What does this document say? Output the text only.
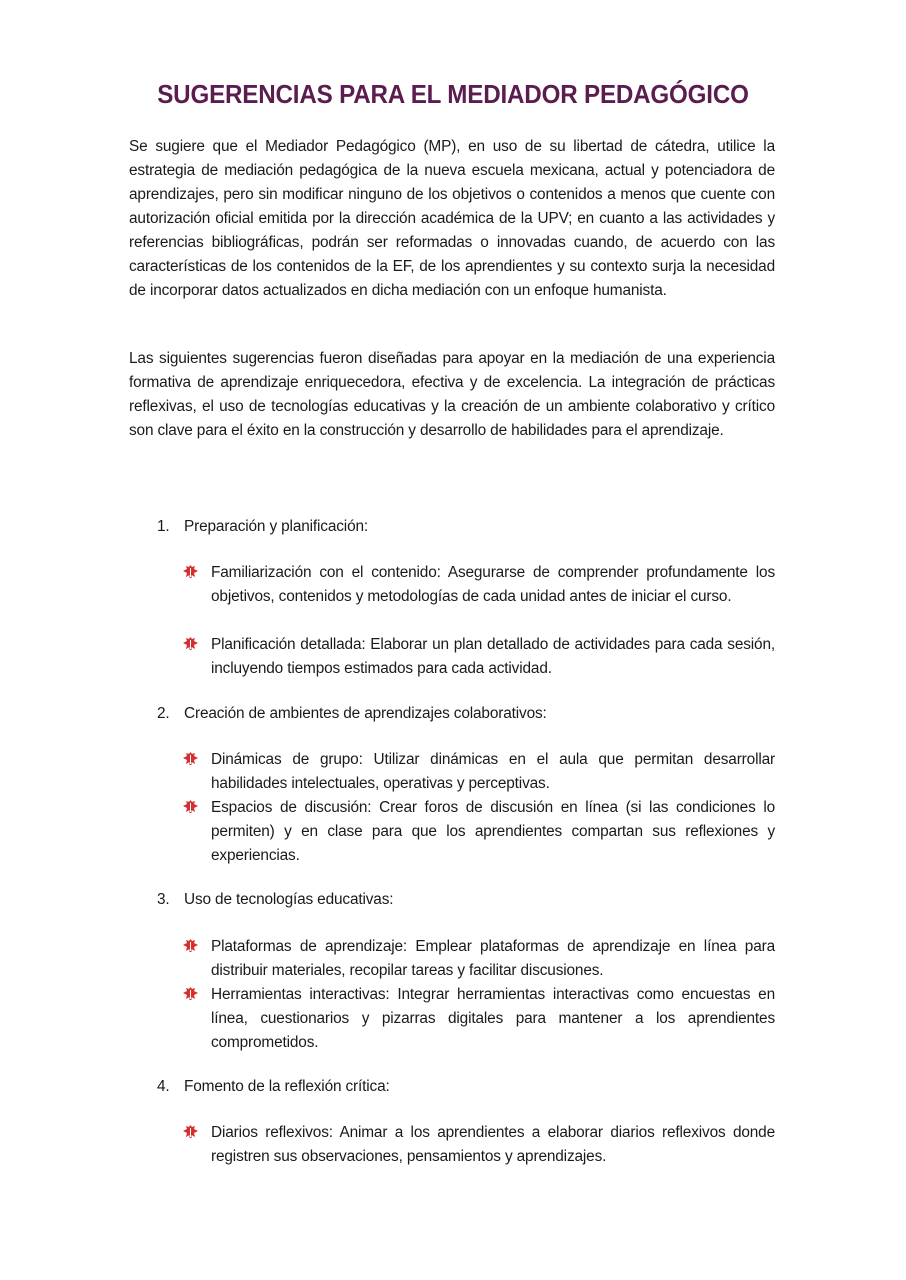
SUGERENCIAS PARA EL MEDIADOR PEDAGÓGICO

Se sugiere que el Mediador Pedagógico (MP), en uso de su libertad de cátedra, utilice la estrategia de mediación pedagógica de la nueva escuela mexicana, actual y potenciadora de aprendizajes, pero sin modificar ninguno de los objetivos o contenidos a menos que cuente con autorización oficial emitida por la dirección académica de la UPV; en cuanto a las actividades y referencias bibliográficas, podrán ser reformadas o innovadas cuando, de acuerdo con las características de los contenidos de la EF, de los aprendientes y su contexto surja la necesidad de incorporar datos actualizados en dicha mediación con un enfoque humanista.

Las siguientes sugerencias fueron diseñadas para apoyar en la mediación de una experiencia formativa de aprendizaje enriquecedora, efectiva y de excelencia. La integración de prácticas reflexivas, el uso de tecnologías educativas y la creación de un ambiente colaborativo y crítico son clave para el éxito en la construcción y desarrollo de habilidades para el aprendizaje.

1. Preparación y planificación:

Familiarización con el contenido: Asegurarse de comprender profundamente los objetivos, contenidos y metodologías de cada unidad antes de iniciar el curso.

Planificación detallada: Elaborar un plan detallado de actividades para cada sesión, incluyendo tiempos estimados para cada actividad.

2. Creación de ambientes de aprendizajes colaborativos:

Dinámicas de grupo: Utilizar dinámicas en el aula que permitan desarrollar habilidades intelectuales, operativas y perceptivas.

Espacios de discusión: Crear foros de discusión en línea (si las condiciones lo permiten) y en clase para que los aprendientes compartan sus reflexiones y experiencias.

3. Uso de tecnologías educativas:

Plataformas de aprendizaje: Emplear plataformas de aprendizaje en línea para distribuir materiales, recopilar tareas y facilitar discusiones.

Herramientas interactivas: Integrar herramientas interactivas como encuestas en línea, cuestionarios y pizarras digitales para mantener a los aprendientes comprometidos.

4. Fomento de la reflexión crítica:

Diarios reflexivos: Animar a los aprendientes a elaborar diarios reflexivos donde registren sus observaciones, pensamientos y aprendizajes.
